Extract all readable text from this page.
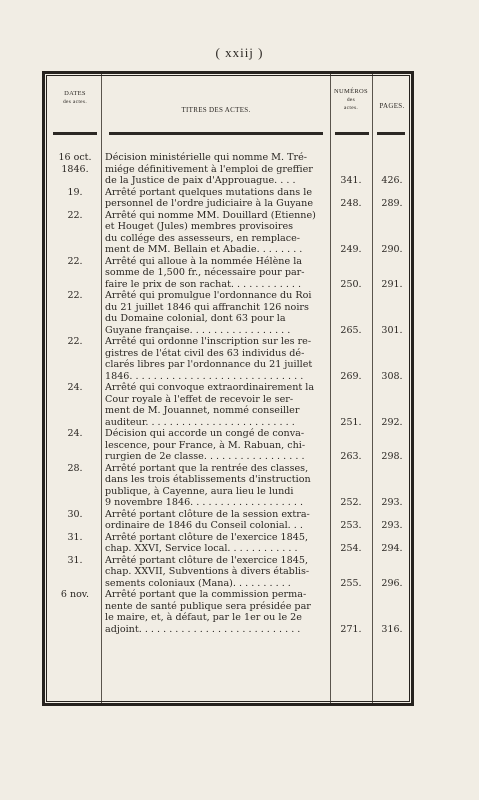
( xxiij )
DATES
des actes.
TITRES DES ACTES.
NUMÉROS
des
actes.	PAGES.
16 oct.
1846.
Décision ministérielle qui nomme M. Tré-
miége définitivement à l'emploi de greffier
de la Justice de paix d'Approuague. . . .	341.	426.
19.	Arrêté portant quelques mutations dans le
personnel de l'ordre judiciaire à la Guyane	248.	289.
22.	Arrêté qui nomme MM. Douillard (Étienne)
et Houget (Jules) membres provisoires
du collége des assesseurs, en remplace-
ment de MM. Bellain et Abadie. . . . . . . .	249.	290.
22.	Arrêté qui alloue à la nommée Hélène la
somme de 1,500 fr., nécessaire pour par-
faire le prix de son rachat. . . . . . . . . . . .	250.	291.
22.	Arrêté qui promulgue l'ordonnance du Roi
du 21 juillet 1846 qui affranchit 126 noirs
du Domaine colonial, dont 63 pour la
Guyane française. . . . . . . . . . . . . . . . .	265.	301.
22.	Arrêté qui ordonne l'inscription sur les re-
gistres de l'état civil des 63 individus dé-
clarés libres par l'ordonnance du 21 juillet
1846. . . . . . . . . . . . . . . . . . . . . . . . . . . . .	269.	308.
24.	Arrêté qui convoque extraordinairement la
Cour royale à l'effet de recevoir le ser-
ment de M. Jouannet, nommé conseiller
auditeur. . . . . . . . . . . . . . . . . . . . . . . . .	251.	292.
24.	Décision qui accorde un congé de conva-
lescence, pour France, à M. Rabuan, chi-
rurgien de 2e classe. . . . . . . . . . . . . . . . .	263.	298.
28.	Arrêté portant que la rentrée des classes,
dans les trois établissements d'instruction
publique, à Cayenne, aura lieu le lundi
9 novembre 1846. . . . . . . . . . . . . . . . . . .	252.	293.
30.	Arrêté portant clôture de la session extra-
ordinaire de 1846 du Conseil colonial. . .	253.	293.
31.	Arrêté portant clôture de l'exercice 1845,
chap. XXVI, Service local. . . . . . . . . . . .	254.	294.
31.	Arrêté portant clôture de l'exercice 1845,
chap. XXVII, Subventions à divers établis-
sements coloniaux (Mana). . . . . . . . . .	255.	296.
6 nov.	Arrêté portant que la commission perma-
nente de santé publique sera présidée par
le maire, et, à défaut, par le 1er ou le 2e
adjoint. . . . . . . . . . . . . . . . . . . . . . . . . . .	271.	316.
